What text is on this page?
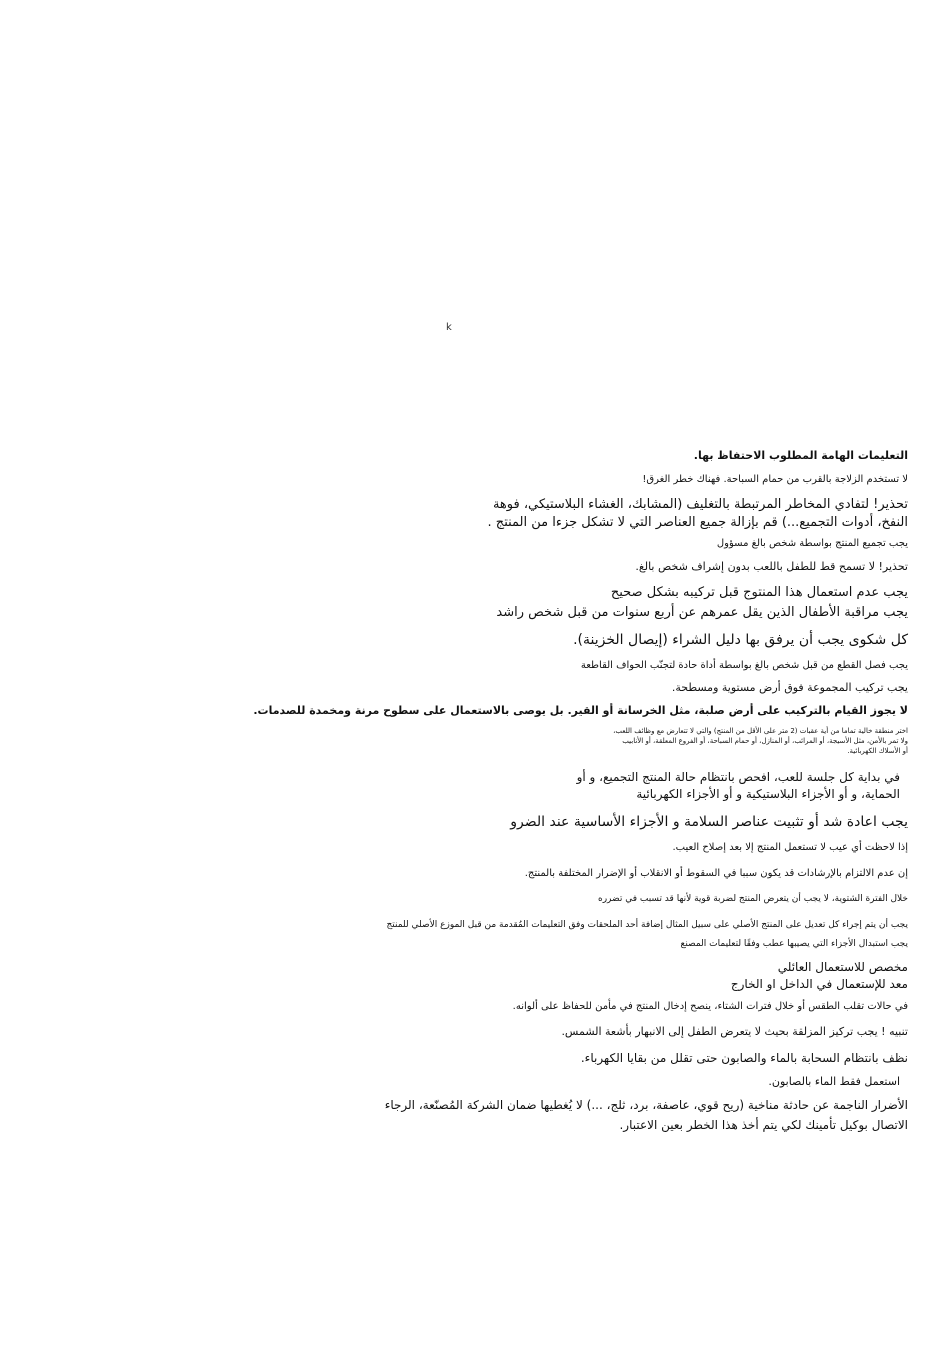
k
التعليمات الهامة المطلوب الاحتفاظ بها.
لا تستخدم الزلاجة بالقرب من حمام السباحة. فهناك خطر الغرق!
تحذير! لتفادي المخاطر المرتبطة بالتغليف (المشابك، الغشاء البلاستيكي، فوهة
النفخ، أدوات التجميع...) قم بإزالة جميع العناصر التي لا تشكل جزءا من المنتج .
يجب تجميع المنتج بواسطة شخص بالغ مسؤول
تحذير! لا تسمح قط للطفل باللعب بدون إشراف شخص بالغ.
يجب عدم استعمال هذا المنتوج قبل تركيبه بشكل صحيح
يجب مراقبة الأطفال الذين يقل عمرهم عن أربع سنوات من قبل شخص راشد
كل شكوى يجب أن يرفق بها دليل الشراء (إيصال الخزينة).
يجب فصل القطع من قبل شخص بالغ بواسطة أداة حادة لتجنّب الحواف القاطعة
يجب تركيب المجموعة فوق أرض مستوية ومسطحة.
لا يجوز القيام بالتركيب على أرض صلبة، مثل الخرسانة أو القير. بل يوصى بالاستعمال على سطوح مرنة ومخمدة للصدمات.
اختر منطقة خالية تماما من أية عقبات (2 متر على الأقل من المنتج) والتي لا تتعارض مع وظائف اللعب،
ولا تمر بالأمن، مثل الأسيجة، أو المرائب، أو المنازل، أو حمام السباحة، أو الفروع المعلقة، أو الأنابيب
أو الأسلاك الكهربائية.
في بداية كل جلسة للعب، افحص بانتظام حالة المنتج التجميع، و أو
الحماية، و أو الأجزاء البلاستيكية و أو الأجزاء الكهربائية
يجب اعادة شد أو تثبيت عناصر السلامة و الأجزاء الأساسية عند الضرو
إذا لاحظت أي عيب لا تستعمل المنتج إلا بعد إصلاح العيب.
إن عدم الالتزام بالإرشادات قد يكون سببا في السقوط أو الانقلاب أو الإضرار المختلفة بالمنتج.
خلال الفترة الشتوية، لا يجب أن يتعرض المنتج لضربة قوية لأنها قد تسبب في تضرره
يجب أن يتم إجراء كل تعديل على المنتج الأصلي على سبيل المثال إضافة أحد الملحقات وفق التعليمات المُقدمة من قبل الموزع الأصلي للمنتج
يجب استبدال الأجزاء التي يصيبها عطب وفقًا لتعليمات المصنع
مخصص للاستعمال العائلي
معد للإستعمال في الداخل او الخارج
في حالات تقلب الطقس أو خلال فترات الشتاء، ينصح إدخال المنتج في مأمن للحفاظ على ألوانه.
تنبيه ! يجب تركيز المزلقة بحيث لا يتعرض الطفل إلى الانبهار بأشعة الشمس.
نظف بانتظام السحابة بالماء والصابون حتى تقلل من بقايا الكهرباء.
استعمل فقط الماء بالصابون.
الأضرار الناجمة عن حادثة مناخية (ريح قوي، عاصفة، برد، ثلج، ...) لا يُغطيها ضمان الشركة المُصنّعة، الرجاء
الاتصال بوكيل تأمينك لكي يتم أخذ هذا الخطر بعين الاعتبار.
